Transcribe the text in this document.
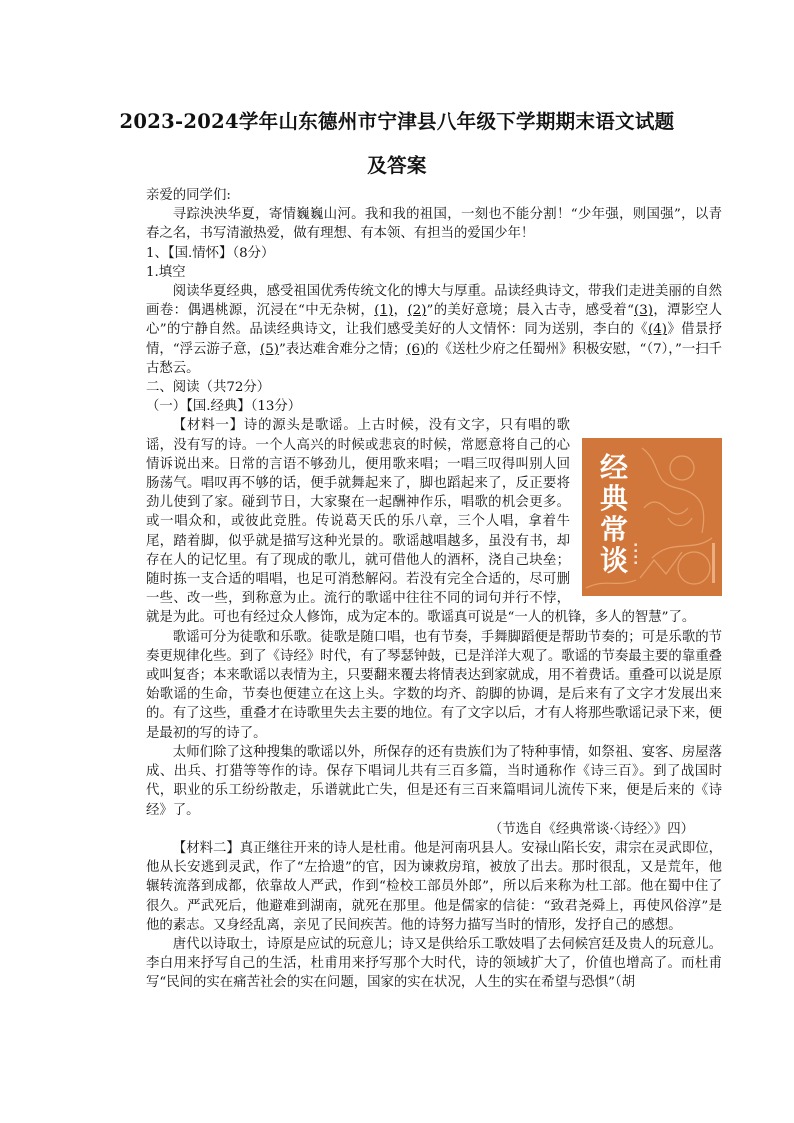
2023-2024学年山东德州市宁津县八年级下学期期末语文试题
及答案

亲爱的同学们:

寻踪泱泱华夏，寄情巍巍山河。我和我的祖国，一刻也不能分割！“少年强，则国强”，以青春之名，书写清澈热爱，做有理想、有本领、有担当的爱国少年！

1、【国.情怀】（8分）

1.填空

阅读华夏经典，感受祖国优秀传统文化的博大与厚重。品读经典诗文，带我们走进美丽的自然画卷：偶遇桃源，沉浸在“中无杂树，(1)，(2)”的美好意境；晨入古寺，感受着“(3)，潭影空人心”的宁静自然。品读经典诗文，让我们感受美好的人文情怀：同为送别，李白的《(4)》借景抒情，“浮云游子意，(5)”表达难舍难分之情；(6)的《送杜少府之任蜀州》积极安慰，“（7），”一扫千古愁云。

二、阅读（共72分）

（一）【国.经典】（13分）

经典常谈	▪
▪
▪
▪

【材料一】诗的源头是歌谣。上古时候，没有文字，只有唱的歌谣，没有写的诗。一个人高兴的时候或悲哀的时候，常愿意将自己的心情诉说出来。日常的言语不够劲儿，便用歌来唱；一唱三叹得叫别人回肠荡气。唱叹再不够的话，便手就舞起来了，脚也蹈起来了，反正要将劲儿使到了家。碰到节日，大家聚在一起酬神作乐，唱歌的机会更多。或一唱众和，或彼此竞胜。传说葛天氏的乐八章，三个人唱，拿着牛尾，踏着脚，似乎就是描写这种光景的。歌谣越唱越多，虽没有书，却存在人的记忆里。有了现成的歌儿，就可借他人的酒杯，浇自己块垒；随时拣一支合适的唱唱，也足可消愁解闷。若没有完全合适的，尽可删一些、改一些，到称意为止。流行的歌谣中往往不同的词句并行不悖，就是为此。可也有经过众人修饰，成为定本的。歌谣真可说是“一人的机锋，多人的智慧”了。

歌谣可分为徒歌和乐歌。徒歌是随口唱，也有节奏，手舞脚蹈便是帮助节奏的；可是乐歌的节奏更规律化些。到了《诗经》时代，有了琴瑟钟鼓，已是洋洋大观了。歌谣的节奏最主要的靠重叠或叫复沓；本来歌谣以表情为主，只要翻来覆去将情表达到家就成，用不着费话。重叠可以说是原始歌谣的生命，节奏也便建立在这上头。字数的均齐、韵脚的协调，是后来有了文字才发展出来的。有了这些，重叠才在诗歌里失去主要的地位。有了文字以后，才有人将那些歌谣记录下来，便是最初的写的诗了。

太师们除了这种搜集的歌谣以外，所保存的还有贵族们为了特种事情，如祭祖、宴客、房屋落成、出兵、打猎等等作的诗。保存下唱词儿共有三百多篇，当时通称作《诗三百》。到了战国时代，职业的乐工纷纷散走，乐谱就此亡失，但是还有三百来篇唱词儿流传下来，便是后来的《诗经》了。

（节选自《经典常谈·〈诗经〉》四）

【材料二】真正继往开来的诗人是杜甫。他是河南巩县人。安禄山陷长安，肃宗在灵武即位，他从长安逃到灵武，作了“左拾遗”的官，因为谏救房琯，被放了出去。那时很乱，又是荒年，他辗转流落到成都，依靠故人严武，作到“检校工部员外郎”，所以后来称为杜工部。他在蜀中住了很久。严武死后，他避难到湖南，就死在那里。他是儒家的信徒：“致君尧舜上，再使风俗淳”是他的素志。又身经乱离，亲见了民间疾苦。他的诗努力描写当时的情形，发抒自己的感想。

唐代以诗取士，诗原是应试的玩意儿；诗又是供给乐工歌妓唱了去伺候宫廷及贵人的玩意儿。李白用来抒写自己的生活，杜甫用来抒写那个大时代，诗的领域扩大了，价值也增高了。而杜甫写“民间的实在痛苦社会的实在问题，国家的实在状况，人生的实在希望与恐惧”（胡
